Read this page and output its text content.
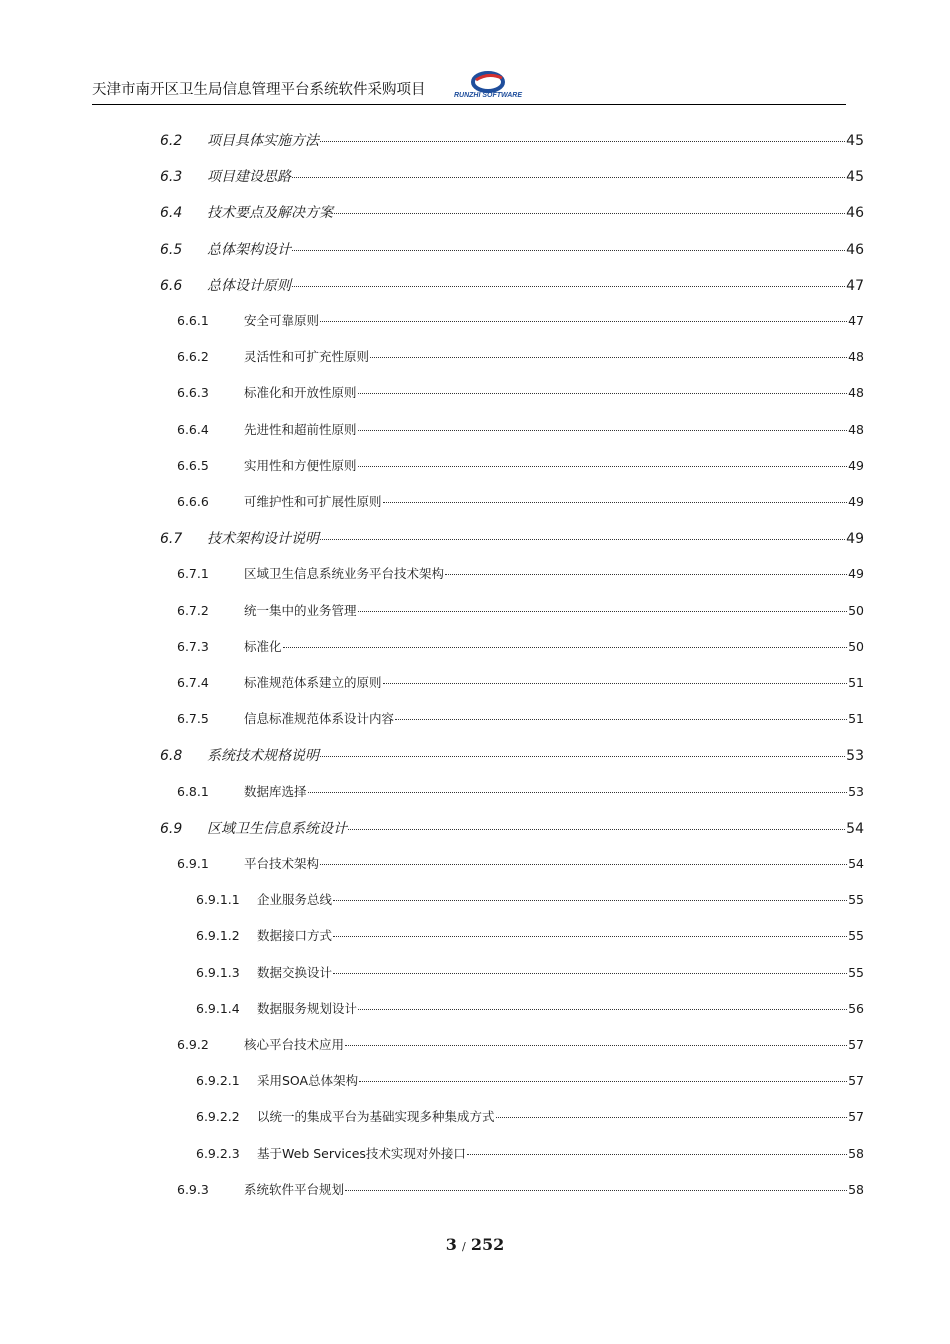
天津市南开区卫生局信息管理平台系统软件采购项目	RUNZHI SOFTWARE
6.2	项目具体实施方法	45
6.3	项目建设思路	45
6.4	技术要点及解决方案	46
6.5	总体架构设计	46
6.6	总体设计原则	47
6.6.1	安全可靠原则	47
6.6.2	灵活性和可扩充性原则	48
6.6.3	标准化和开放性原则	48
6.6.4	先进性和超前性原则	48
6.6.5	实用性和方便性原则	49
6.6.6	可维护性和可扩展性原则	49
6.7	技术架构设计说明	49
6.7.1	区域卫生信息系统业务平台技术架构	49
6.7.2	统一集中的业务管理	50
6.7.3	标准化	50
6.7.4	标准规范体系建立的原则	51
6.7.5	信息标准规范体系设计内容	51
6.8	系统技术规格说明	53
6.8.1	数据库选择	53
6.9	区域卫生信息系统设计	54
6.9.1	平台技术架构	54
6.9.1.1	企业服务总线	55
6.9.1.2	数据接口方式	55
6.9.1.3	数据交换设计	55
6.9.1.4	数据服务规划设计	56
6.9.2	核心平台技术应用	57
6.9.2.1	采用SOA总体架构	57
6.9.2.2	以统一的集成平台为基础实现多种集成方式	57
6.9.2.3	基于Web Services技术实现对外接口	58
6.9.3	系统软件平台规划	58
3 / 252
